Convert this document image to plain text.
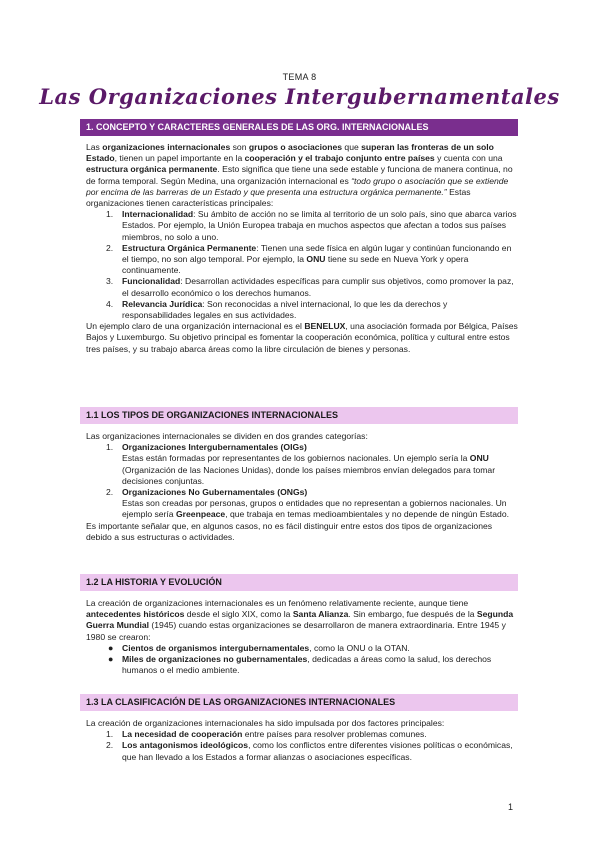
TEMA 8
Las Organizaciones Intergubernamentales
1. CONCEPTO Y CARACTERES GENERALES DE LAS ORG. INTERNACIONALES

Las organizaciones internacionales son grupos o asociaciones que superan las fronteras de un solo Estado, tienen un papel importante en la cooperación y el trabajo conjunto entre países y cuenta con una estructura orgánica permanente. Esto significa que tiene una sede estable y funciona de manera continua, no de forma temporal. Según Medina, una organización internacional es “todo grupo o asociación que se extiende por encima de las barreras de un Estado y que presenta una estructura orgánica permanente.” Estas organizaciones tienen características principales:

1. Internacionalidad: Su ámbito de acción no se limita al territorio de un solo país, sino que abarca varios Estados. Por ejemplo, la Unión Europea trabaja en muchos aspectos que afectan a todos sus países miembros, no solo a uno.
2. Estructura Orgánica Permanente: Tienen una sede física en algún lugar y continúan funcionando en el tiempo, no son algo temporal. Por ejemplo, la ONU tiene su sede en Nueva York y opera continuamente.
3. Funcionalidad: Desarrollan actividades específicas para cumplir sus objetivos, como promover la paz, el desarrollo económico o los derechos humanos.
4. Relevancia Jurídica: Son reconocidas a nivel internacional, lo que les da derechos y responsabilidades legales en sus actividades.

Un ejemplo claro de una organización internacional es el BENELUX, una asociación formada por Bélgica, Países Bajos y Luxemburgo. Su objetivo principal es fomentar la cooperación económica, política y cultural entre estos tres países, y su trabajo abarca áreas como la libre circulación de bienes y personas.

1.1 LOS TIPOS DE ORGANIZACIONES INTERNACIONALES

Las organizaciones internacionales se dividen en dos grandes categorías:

1. Organizaciones Intergubernamentales (OIGs)
Estas están formadas por representantes de los gobiernos nacionales. Un ejemplo sería la ONU (Organización de las Naciones Unidas), donde los países miembros envían delegados para tomar decisiones conjuntas.
2. Organizaciones No Gubernamentales (ONGs)
Estas son creadas por personas, grupos o entidades que no representan a gobiernos nacionales. Un ejemplo sería Greenpeace, que trabaja en temas medioambientales y no depende de ningún Estado.

Es importante señalar que, en algunos casos, no es fácil distinguir entre estos dos tipos de organizaciones debido a sus estructuras o actividades.

1.2 LA HISTORIA Y EVOLUCIÓN

La creación de organizaciones internacionales es un fenómeno relativamente reciente, aunque tiene antecedentes históricos desde el siglo XIX, como la Santa Alianza. Sin embargo, fue después de la Segunda Guerra Mundial (1945) cuando estas organizaciones se desarrollaron de manera extraordinaria. Entre 1945 y 1980 se crearon:

● Cientos de organismos intergubernamentales, como la ONU o la OTAN.
● Miles de organizaciones no gubernamentales, dedicadas a áreas como la salud, los derechos humanos o el medio ambiente.
1.3 LA CLASIFICACIÓN DE LAS ORGANIZACIONES INTERNACIONALES

La creación de organizaciones internacionales ha sido impulsada por dos factores principales:

1. La necesidad de cooperación entre países para resolver problemas comunes.
2. Los antagonismos ideológicos, como los conflictos entre diferentes visiones políticas o económicas, que han llevado a los Estados a formar alianzas o asociaciones específicas.
1
